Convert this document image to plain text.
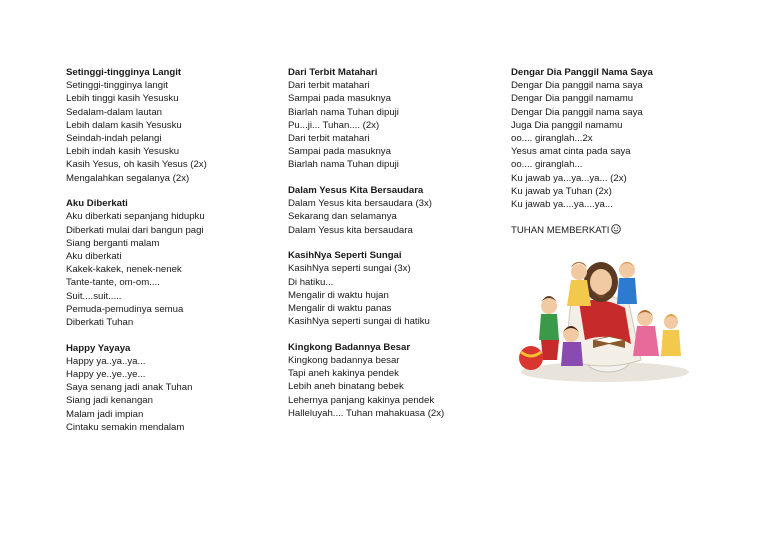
Setinggi-tingginya Langit
Setinggi-tingginya langit
Lebih tinggi kasih Yesusku
Sedalam-dalam lautan
Lebih dalam kasih Yesusku
Seindah-indah pelangi
Lebih indah kasih Yesusku
Kasih Yesus, oh kasih Yesus (2x)
Mengalahkan segalanya (2x)
Aku Diberkati
Aku diberkati sepanjang hidupku
Diberkati mulai dari bangun pagi
Siang berganti malam
Aku diberkati
Kakek-kakek, nenek-nenek
Tante-tante, om-om....
Suit....suit.....
Pemuda-pemudinya semua
Diberkati Tuhan
Happy Yayaya
Happy ya..ya..ya...
Happy ye..ye..ye...
Saya senang jadi anak Tuhan
Siang jadi kenangan
Malam jadi impian
Cintaku semakin mendalam
Dari Terbit Matahari
Dari terbit matahari
Sampai pada masuknya
Biarlah nama Tuhan dipuji
Pu...ji... Tuhan.... (2x)
Dari terbit matahari
Sampai pada masuknya
Biarlah nama Tuhan dipuji
Dalam Yesus Kita Bersaudara
Dalam Yesus kita bersaudara (3x)
Sekarang dan selamanya
Dalam Yesus kita bersaudara
KasihNya Seperti Sungai
KasihNya seperti sungai (3x)
Di hatiku...
Mengalir di waktu hujan
Mengalir di waktu panas
KasihNya seperti sungai di hatiku
Kingkong Badannya Besar
Kingkong badannya besar
Tapi aneh kakinya pendek
Lebih aneh binatang bebek
Lehernya panjang kakinya pendek
Halleluyah.... Tuhan mahakuasa (2x)
Dengar Dia Panggil Nama Saya
Dengar Dia panggil nama saya
Dengar Dia panggil namamu
Dengar Dia panggil nama saya
Juga Dia panggil namamu
oo.... giranglah...2x
Yesus amat cinta pada saya
oo.... giranglah...
Ku jawab ya...ya...ya... (2x)
Ku jawab ya Tuhan (2x)
Ku jawab ya....ya....ya...
TUHAN MEMBERKATI
